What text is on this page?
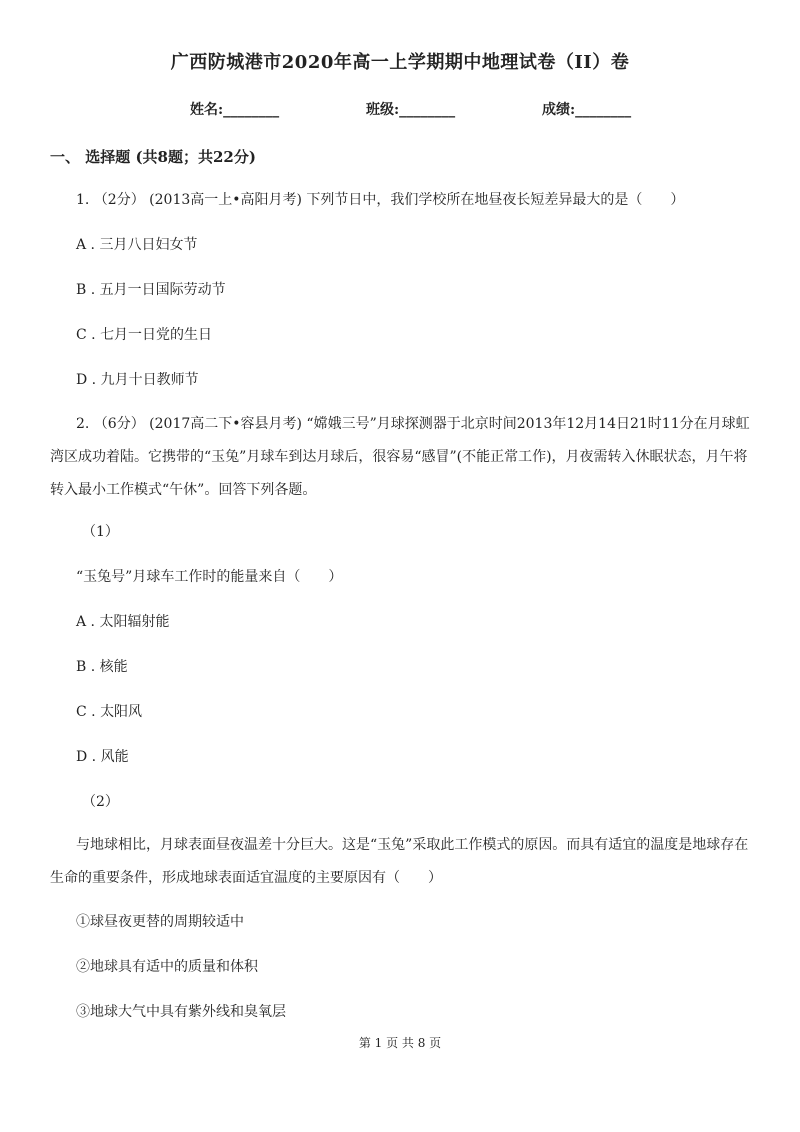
广西防城港市2020年高一上学期期中地理试卷（II）卷
姓名:________	班级:________	成绩:________
一、 选择题 (共8题；共22分)
1. （2分） (2013高一上•高阳月考) 下列节日中，我们学校所在地昼夜长短差异最大的是（　　）
A . 三月八日妇女节
B . 五月一日国际劳动节
C . 七月一日党的生日
D . 九月十日教师节
2. （6分） (2017高二下•容县月考) “嫦娥三号”月球探测器于北京时间2013年12月14日21时11分在月球虹湾区成功着陆。它携带的“玉兔”月球车到达月球后，很容易“感冒”(不能正常工作)，月夜需转入休眠状态，月午将转入最小工作模式“午休”。回答下列各题。
（1）
“玉兔号”月球车工作时的能量来自（　　）
A . 太阳辐射能
B . 核能
C . 太阳风
D . 风能
（2）
与地球相比，月球表面昼夜温差十分巨大。这是“玉兔”采取此工作模式的原因。而具有适宜的温度是地球存在生命的重要条件，形成地球表面适宜温度的主要原因有（　　）
①球昼夜更替的周期较适中
②地球具有适中的质量和体积
③地球大气中具有紫外线和臭氧层
第 1 页 共 8 页
